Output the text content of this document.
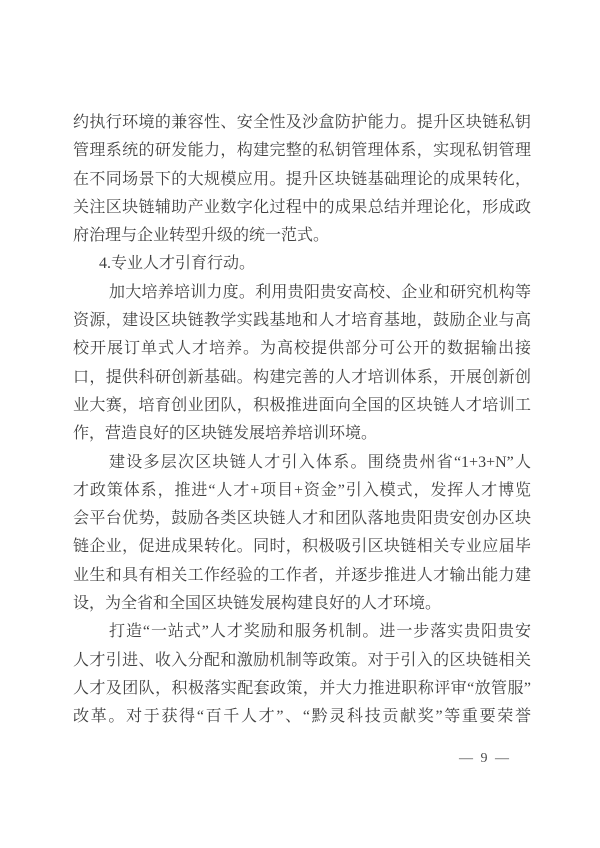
约执行环境的兼容性、安全性及沙盒防护能力。提升区块链私钥
管理系统的研发能力，构建完整的私钥管理体系，实现私钥管理
在不同场景下的大规模应用。提升区块链基础理论的成果转化，
关注区块链辅助产业数字化过程中的成果总结并理论化，形成政
府治理与企业转型升级的统一范式。
4.专业人才引育行动。
加大培养培训力度。利用贵阳贵安高校、企业和研究机构等
资源，建设区块链教学实践基地和人才培育基地，鼓励企业与高
校开展订单式人才培养。为高校提供部分可公开的数据输出接
口，提供科研创新基础。构建完善的人才培训体系，开展创新创
业大赛，培育创业团队，积极推进面向全国的区块链人才培训工
作，营造良好的区块链发展培养培训环境。
建设多层次区块链人才引入体系。围绕贵州省“1+3+N”人
才政策体系，推进“人才+项目+资金”引入模式，发挥人才博览
会平台优势，鼓励各类区块链人才和团队落地贵阳贵安创办区块
链企业，促进成果转化。同时，积极吸引区块链相关专业应届毕
业生和具有相关工作经验的工作者，并逐步推进人才输出能力建
设，为全省和全国区块链发展构建良好的人才环境。
打造“一站式”人才奖励和服务机制。进一步落实贵阳贵安
人才引进、收入分配和激励机制等政策。对于引入的区块链相关
人才及团队，积极落实配套政策，并大力推进职称评审“放管服”
改革。对于获得“百千人才”、“黔灵科技贡献奖”等重要荣誉
— 9 —
